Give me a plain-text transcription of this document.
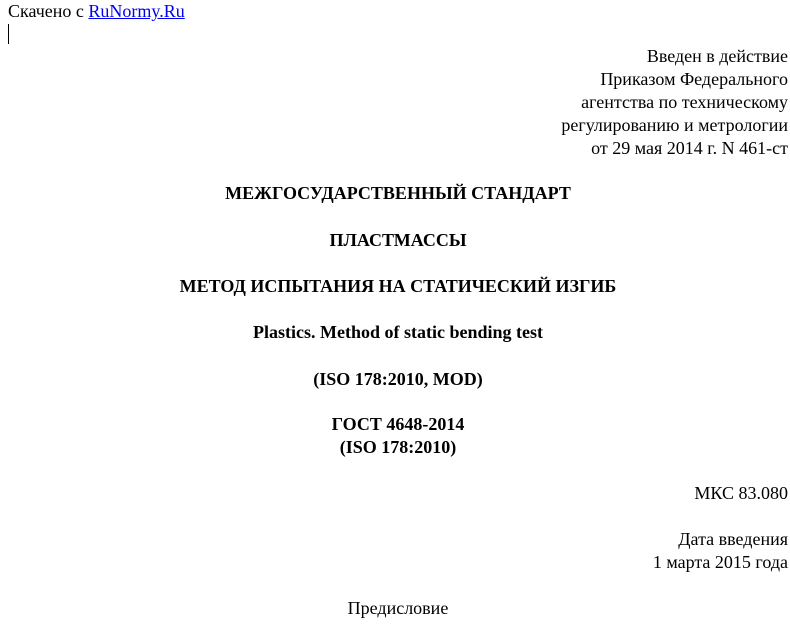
Скачено с RuNormy.Ru
Введен в действие
Приказом Федерального
агентства по техническому
регулированию и метрологии
от 29 мая 2014 г. N 461-ст
МЕЖГОСУДАРСТВЕННЫЙ СТАНДАРТ
ПЛАСТМАССЫ
МЕТОД ИСПЫТАНИЯ НА СТАТИЧЕСКИЙ ИЗГИБ
Plastics. Method of static bending test
(ISO 178:2010, MOD)
ГОСТ 4648-2014
(ISO 178:2010)
МКС 83.080
Дата введения
1 марта 2015 года
Предисловие
